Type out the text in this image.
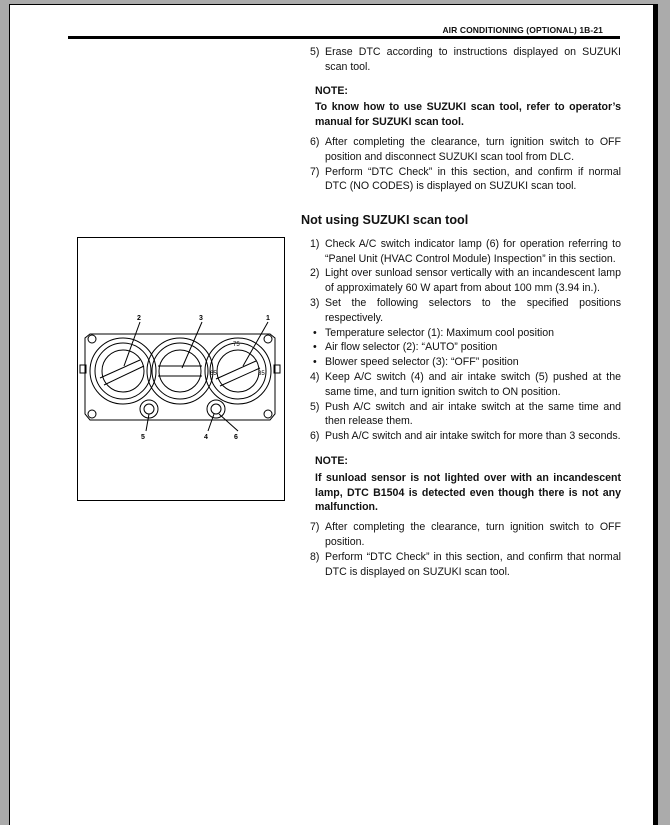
AIR CONDITIONING (OPTIONAL) 1B-21
5) Erase DTC according to instructions displayed on SUZUKI scan tool.
NOTE:
To know how to use SUZUKI scan tool, refer to operator’s manual for SUZUKI scan tool.
6) After completing the clearance, turn ignition switch to OFF position and disconnect SUZUKI scan tool from DLC.
7) Perform “DTC Check” in this section, and confirm if normal DTC (NO CODES) is displayed on SUZUKI scan tool.
Not using SUZUKI scan tool
1) Check A/C switch indicator lamp (6) for operation referring to “Panel Unit (HVAC Control Module) Inspection” in this section.
2) Light over sunload sensor vertically with an incandescent lamp of approximately 60 W apart from about 100 mm (3.94 in.).
3) Set the following selectors to the specified positions respectively.
• Temperature selector (1): Maximum cool position
• Air flow selector (2): “AUTO” position
• Blower speed selector (3): “OFF” position
4) Keep A/C switch (4) and air intake switch (5) pushed at the same time, and turn ignition switch to ON position.
5) Push A/C switch and air intake switch at the same time and then release them.
6) Push A/C switch and air intake switch for more than 3 seconds.
NOTE:
If sunload sensor is not lighted over with an incandescent lamp, DTC B1504 is detected even though there is not any malfunction.
7) After completing the clearance, turn ignition switch to OFF position.
8) Perform “DTC Check” in this section, and confirm that normal DTC is displayed on SUZUKI scan tool.
2	3	1
5	4	6
65
75
85
